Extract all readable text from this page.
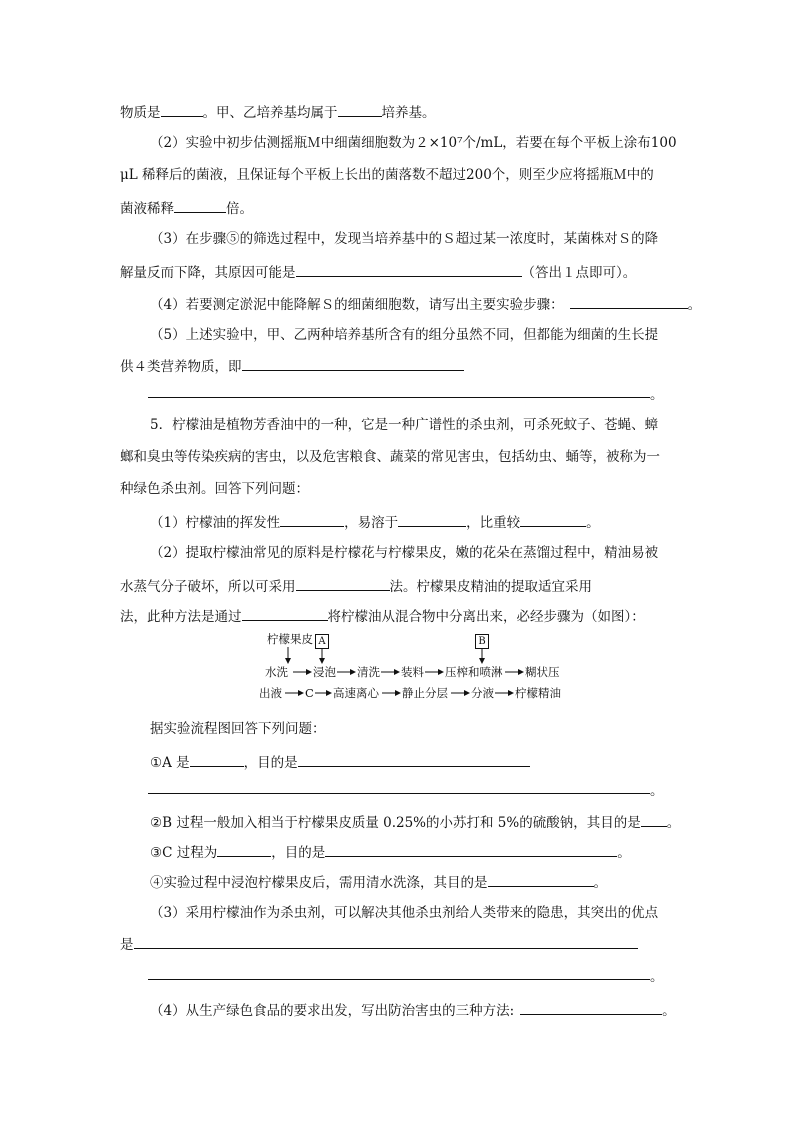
物质是	。甲、乙培养基均属于	培养基。
（2）实验中初步估测摇瓶Ｍ中细菌细胞数为２×10⁷个/mL，若要在每个平板上涂布100
μL 稀释后的菌液，且保证每个平板上长出的菌落数不超过200个，则至少应将摇瓶Ｍ中的
菌液稀释	倍。
（3）在步骤⑤的筛选过程中，发现当培养基中的Ｓ超过某一浓度时，某菌株对Ｓ的降
解量反而下降，其原因可能是	（答出１点即可）。
（4）若要测定淤泥中能降解Ｓ的细菌细胞数，请写出主要实验步骤：	。
（5）上述实验中，甲、乙两种培养基所含有的组分虽然不同，但都能为细菌的生长提
供４类营养物质，即
。
5．柠檬油是植物芳香油中的一种，它是一种广谱性的杀虫剂，可杀死蚊子、苍蝇、蟑
螂和臭虫等传染疾病的害虫，以及危害粮食、蔬菜的常见害虫，包括幼虫、蛹等，被称为一
种绿色杀虫剂。回答下列问题：
（1）柠檬油的挥发性	，易溶于	，比重较	。
（2）提取柠檬油常见的原料是柠檬花与柠檬果皮，嫩的花朵在蒸馏过程中，精油易被
水蒸气分子破坏，所以可采用	法。柠檬果皮精油的提取适宜采用
法，此种方法是通过	将柠檬油从混合物中分离出来，必经步骤为（如图）：
柠檬果皮 A	B
水洗 浸泡 清洗 装料 压榨和喷淋 糊状压
出液 C 高速离心 静止分层 分液 柠檬精油
据实验流程图回答下列问题：
①A 是	，目的是
。
②B 过程一般加入相当于柠檬果皮质量 0.25%的小苏打和 5%的硫酸钠，其目的是 。
③C 过程为	，目的是	。
④实验过程中浸泡柠檬果皮后，需用清水洗涤，其目的是	。
（3）采用柠檬油作为杀虫剂，可以解决其他杀虫剂给人类带来的隐患，其突出的优点
是
。
（4）从生产绿色食品的要求出发，写出防治害虫的三种方法:	。
